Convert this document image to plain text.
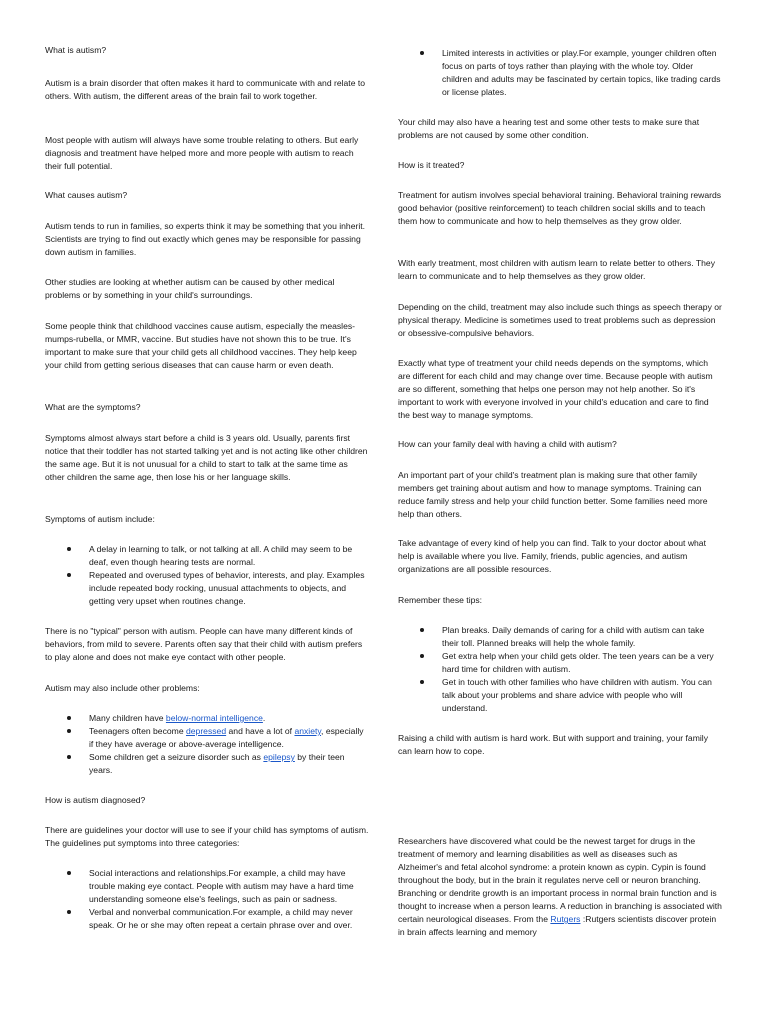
What is autism?

Autism is a brain disorder that often makes it hard to communicate with and relate to others. With autism, the different areas of the brain fail to work together.

Most people with autism will always have some trouble relating to others. But early diagnosis and treatment have helped more and more people with autism to reach their full potential.

What causes autism?

Autism tends to run in families, so experts think it may be something that you inherit. Scientists are trying to find out exactly which genes may be responsible for passing down autism in families.

Other studies are looking at whether autism can be caused by other medical problems or by something in your child's surroundings.

Some people think that childhood vaccines cause autism, especially the measles-mumps-rubella, or MMR, vaccine. But studies have not shown this to be true. It's important to make sure that your child gets all childhood vaccines. They help keep your child from getting serious diseases that can cause harm or even death.

What are the symptoms?

Symptoms almost always start before a child is 3 years old. Usually, parents first notice that their toddler has not started talking yet and is not acting like other children the same age. But it is not unusual for a child to start to talk at the same time as other children the same age, then lose his or her language skills.

Symptoms of autism include:

A delay in learning to talk, or not talking at all. A child may seem to be deaf, even though hearing tests are normal.
Repeated and overused types of behavior, interests, and play. Examples include repeated body rocking, unusual attachments to objects, and getting very upset when routines change.

There is no "typical" person with autism. People can have many different kinds of behaviors, from mild to severe. Parents often say that their child with autism prefers to play alone and does not make eye contact with other people.

Autism may also include other problems:

Many children have below-normal intelligence.
Teenagers often become depressed and have a lot of anxiety, especially if they have average or above-average intelligence.
Some children get a seizure disorder such as epilepsy by their teen years.

How is autism diagnosed?

There are guidelines your doctor will use to see if your child has symptoms of autism. The guidelines put symptoms into three categories:

Social interactions and relationships.For example, a child may have trouble making eye contact. People with autism may have a hard time understanding someone else's feelings, such as pain or sadness.
Verbal and nonverbal communication.For example, a child may never speak. Or he or she may often repeat a certain phrase over and over.
Limited interests in activities or play.For example, younger children often focus on parts of toys rather than playing with the whole toy. Older children and adults may be fascinated by certain topics, like trading cards or license plates.

Your child may also have a hearing test and some other tests to make sure that problems are not caused by some other condition.

How is it treated?

Treatment for autism involves special behavioral training. Behavioral training rewards good behavior (positive reinforcement) to teach children social skills and to teach them how to communicate and how to help themselves as they grow older.

With early treatment, most children with autism learn to relate better to others. They learn to communicate and to help themselves as they grow older.

Depending on the child, treatment may also include such things as speech therapy or physical therapy. Medicine is sometimes used to treat problems such as depression or obsessive-compulsive behaviors.

Exactly what type of treatment your child needs depends on the symptoms, which are different for each child and may change over time. Because people with autism are so different, something that helps one person may not help another. So it's important to work with everyone involved in your child's education and care to find the best way to manage symptoms.

How can your family deal with having a child with autism?

An important part of your child's treatment plan is making sure that other family members get training about autism and how to manage symptoms. Training can reduce family stress and help your child function better. Some families need more help than others.

Take advantage of every kind of help you can find. Talk to your doctor about what help is available where you live. Family, friends, public agencies, and autism organizations are all possible resources.

Remember these tips:

Plan breaks. Daily demands of caring for a child with autism can take their toll. Planned breaks will help the whole family.
Get extra help when your child gets older. The teen years can be a very hard time for children with autism.
Get in touch with other families who have children with autism. You can talk about your problems and share advice with people who will understand.

Raising a child with autism is hard work. But with support and training, your family can learn how to cope.

Researchers have discovered what could be the newest target for drugs in the treatment of memory and learning disabilities as well as diseases such as Alzheimer's and fetal alcohol syndrome: a protein known as cypin. Cypin is found throughout the body, but in the brain it regulates nerve cell or neuron branching. Branching or dendrite growth is an important process in normal brain function and is thought to increase when a person learns. A reduction in branching is associated with certain neurological diseases. From the Rutgers :Rutgers scientists discover protein in brain affects learning and memory
